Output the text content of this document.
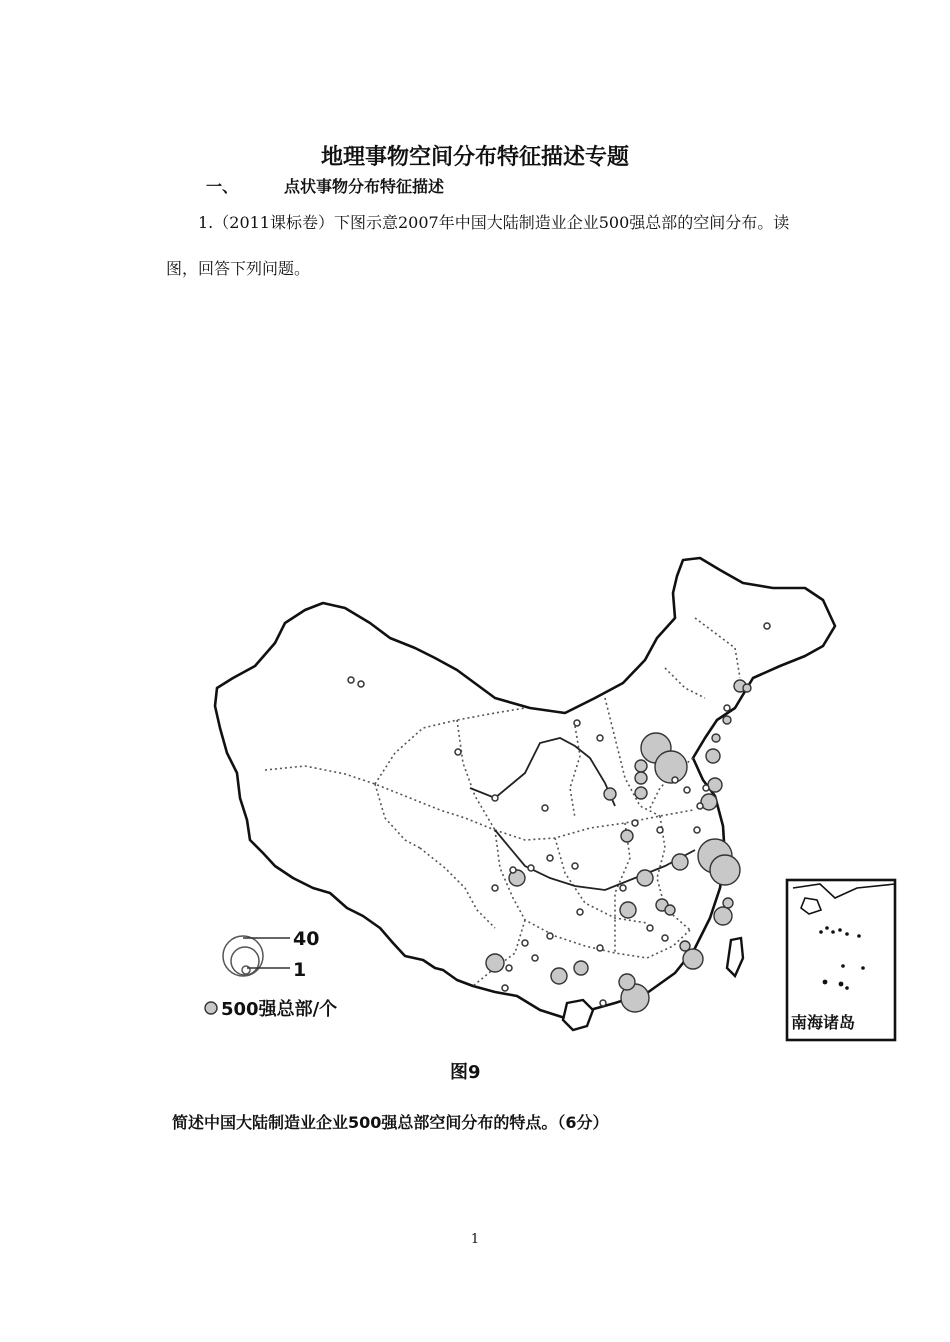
地理事物空间分布特征描述专题
一、	点状事物分布特征描述
1.（2011课标卷）下图示意2007年中国大陆制造业企业500强总部的空间分布。读图，回答下列问题。
40
1
500强总部/个
南海诸岛
图9
简述中国大陆制造业企业500强总部空间分布的特点。（6分）
1
